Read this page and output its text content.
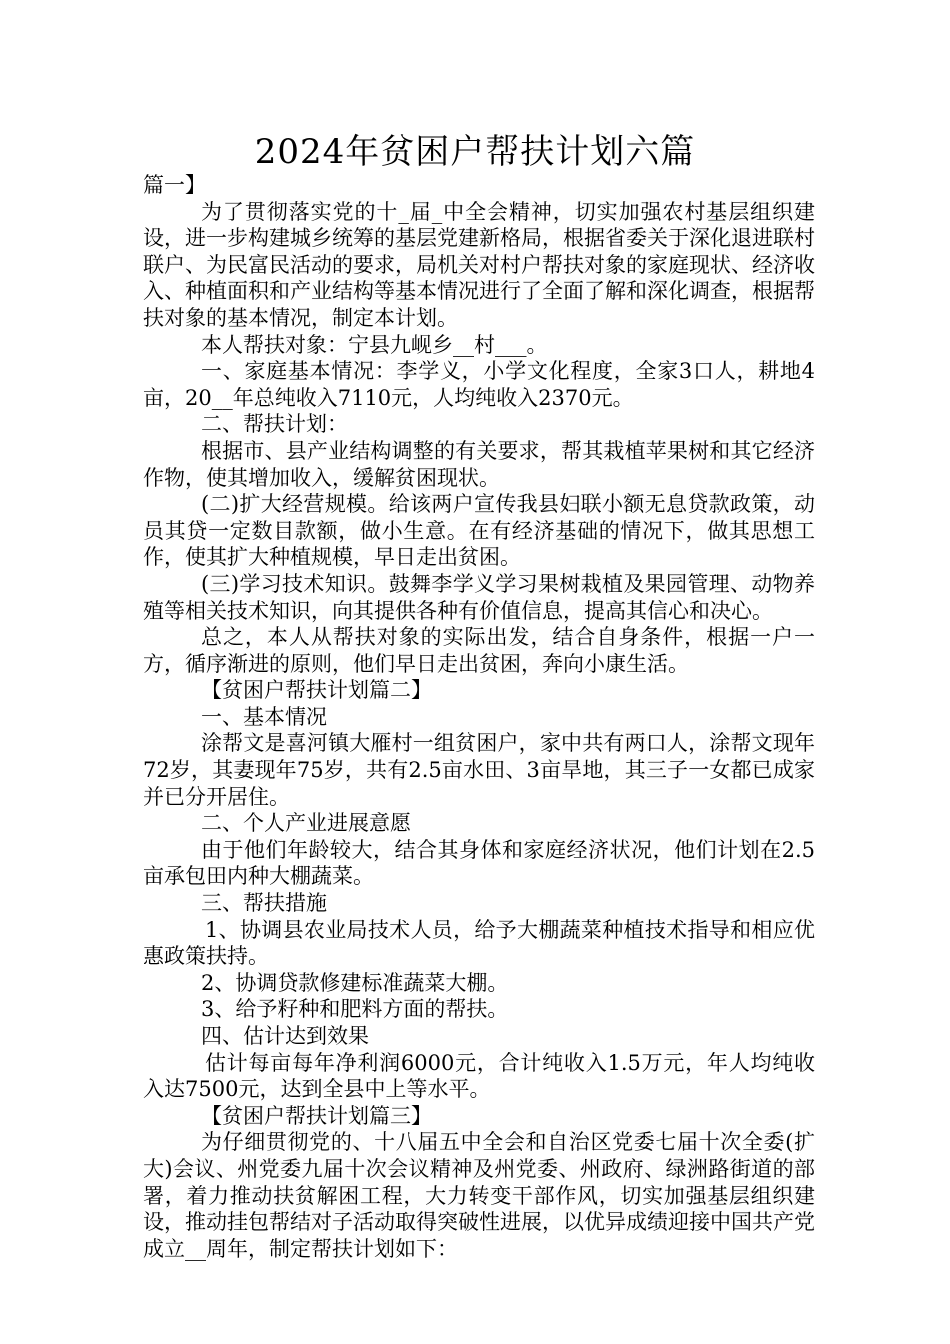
2024年贫困户帮扶计划六篇

篇一】

为了贯彻落实党的十_届_中全会精神，切实加强农村基层组织建设，进一步构建城乡统筹的基层党建新格局，根据省委关于深化退进联村联户、为民富民活动的要求，局机关对村户帮扶对象的家庭现状、经济收入、种植面积和产业结构等基本情况进行了全面了解和深化调查，根据帮扶对象的基本情况，制定本计划。

本人帮扶对象：宁县九岘乡__村___。

一、家庭基本情况：李学义，小学文化程度，全家3口人，耕地4亩，20__年总纯收入7110元，人均纯收入2370元。

二、帮扶计划：

根据市、县产业结构调整的有关要求，帮其栽植苹果树和其它经济作物，使其增加收入，缓解贫困现状。

(二)扩大经营规模。给该两户宣传我县妇联小额无息贷款政策，动员其贷一定数目款额，做小生意。在有经济基础的情况下，做其思想工作，使其扩大种植规模，早日走出贫困。

(三)学习技术知识。鼓舞李学义学习果树栽植及果园管理、动物养殖等相关技术知识，向其提供各种有价值信息，提高其信心和决心。

总之，本人从帮扶对象的实际出发，结合自身条件，根据一户一方，循序渐进的原则，他们早日走出贫困，奔向小康生活。

【贫困户帮扶计划篇二】

一、基本情况

涂帮文是喜河镇大雁村一组贫困户，家中共有两口人，涂帮文现年72岁，其妻现年75岁，共有2.5亩水田、3亩旱地，其三子一女都已成家并已分开居住。

二、个人产业进展意愿

由于他们年龄较大，结合其身体和家庭经济状况，他们计划在2.5亩承包田内种大棚蔬菜。

三、帮扶措施

1、协调县农业局技术人员，给予大棚蔬菜种植技术指导和相应优惠政策扶持。

2、协调贷款修建标准蔬菜大棚。

3、给予籽种和肥料方面的帮扶。

四、估计达到效果

估计每亩每年净利润6000元，合计纯收入1.5万元，年人均纯收入达7500元，达到全县中上等水平。

【贫困户帮扶计划篇三】

为仔细贯彻党的、十八届五中全会和自治区党委七届十次全委(扩大)会议、州党委九届十次会议精神及州党委、州政府、绿洲路街道的部署，着力推动扶贫解困工程，大力转变干部作风，切实加强基层组织建设，推动挂包帮结对子活动取得突破性进展，以优异成绩迎接中国共产党成立__周年，制定帮扶计划如下：
